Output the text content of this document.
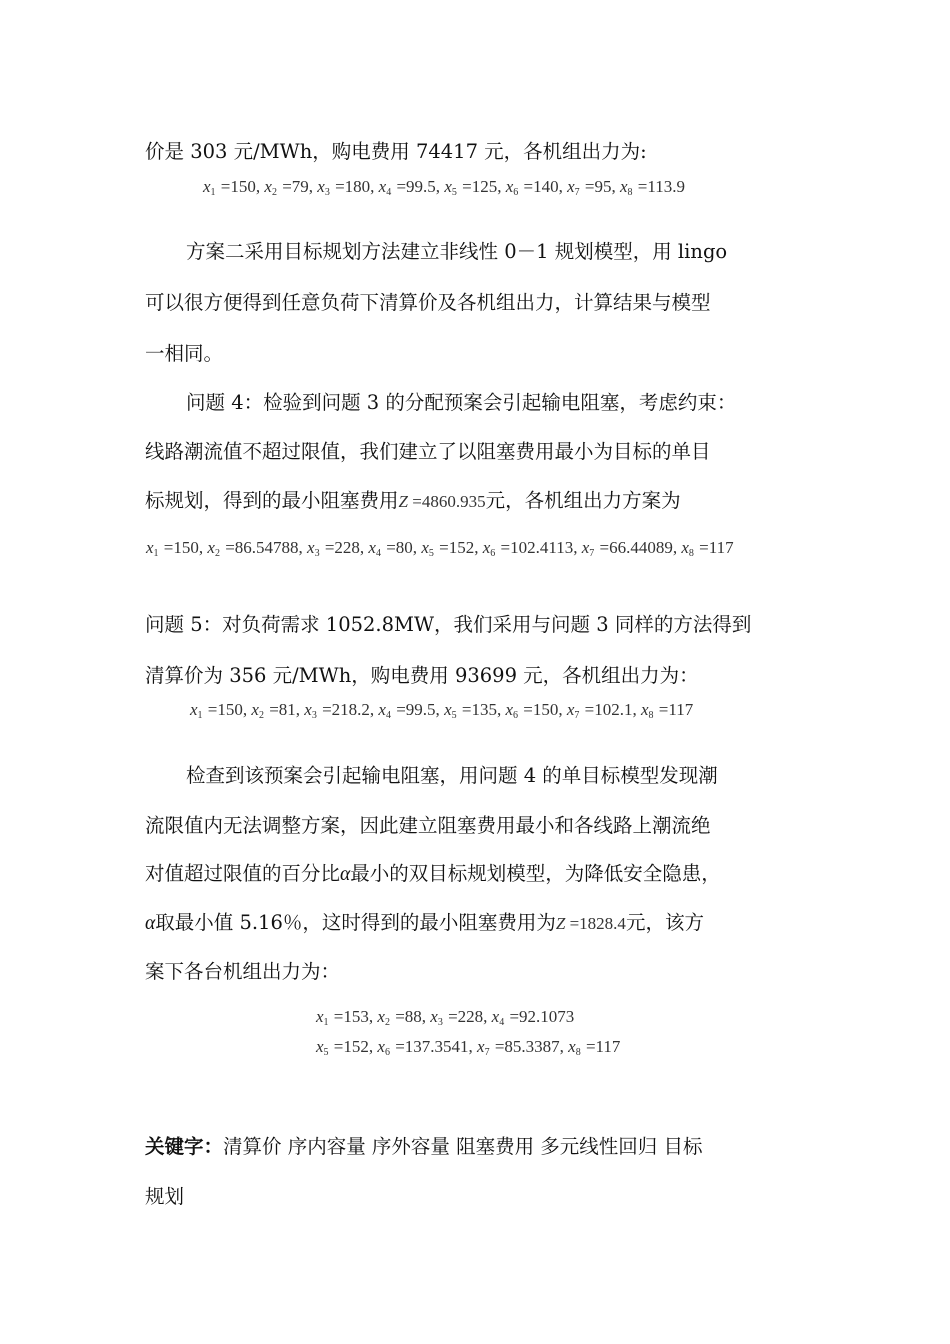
价是 303 元/MWh，购电费用 74417 元，各机组出力为:
$x_1 =150$, $x_2 =79$, $x_3 =180$, $x_4 =99.5$, $x_5 =125$, $x_6 =140$, $x_7 =95$, $x_8 =113.9$
方案二采用目标规划方法建立非线性 0－1 规划模型，用 lingo
可以很方便得到任意负荷下清算价及各机组出力，计算结果与模型
一相同。
问题 4：检验到问题 3 的分配预案会引起输电阻塞，考虑约束：
线路潮流值不超过限值，我们建立了以阻塞费用最小为目标的单目
标规划，得到的最小阻塞费用Z =4860.935元，各机组出力方案为
$x_1 =150$, $x_2 =86.54788$, $x_3 =228$, $x_4 =80$, $x_5 =152$, $x_6 =102.4113$, $x_7 =66.44089$, $x_8 =117$
问题 5：对负荷需求 1052.8MW，我们采用与问题 3 同样的方法得到
清算价为 356 元/MWh，购电费用 93699 元，各机组出力为：
$x_1 =150$, $x_2 =81$, $x_3 =218.2$, $x_4 =99.5$, $x_5 =135$, $x_6 =150$, $x_7 =102.1$, $x_8 =117$
检查到该预案会引起输电阻塞，用问题 4 的单目标模型发现潮
流限值内无法调整方案，因此建立阻塞费用最小和各线路上潮流绝
对值超过限值的百分比α最小的双目标规划模型，为降低安全隐患，
α取最小值 5.16％，这时得到的最小阻塞费用为Z =1828.4元，该方
案下各台机组出力为：
$x_1 =153$, $x_2 =88$, $x_3 =228$, $x_4 =92.1073$
$x_5 =152$, $x_6 =137.3541$, $x_7 =85.3387$, $x_8 =117$
关键字：清算价 序内容量 序外容量 阻塞费用 多元线性回归 目标
规划
